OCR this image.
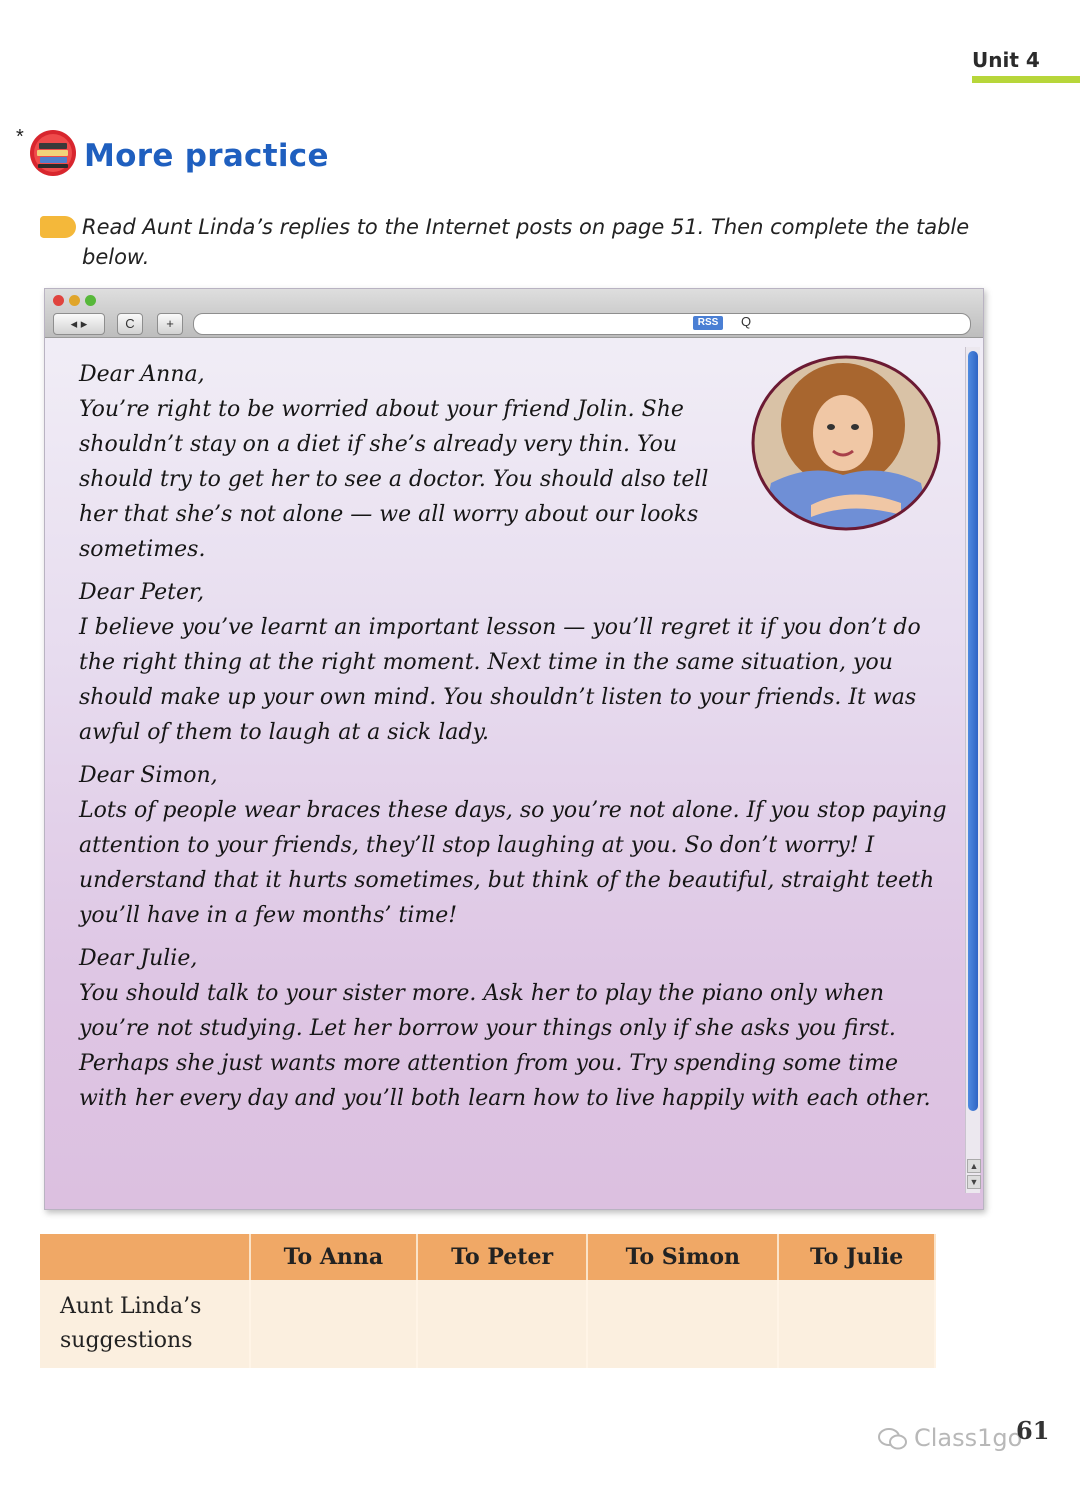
Unit 4
*
More practice
Read Aunt Linda’s replies to the Internet posts on page 51. Then complete the table below.
◂ ▸	C	+	RSS	Q
Dear Anna,

You’re right to be worried about your friend Jolin. She shouldn’t stay on a diet if she’s already very thin. You should try to get her to see a doctor. You should also tell her that she’s not alone — we all worry about our looks sometimes.

Dear Peter,

I believe you’ve learnt an important lesson — you’ll regret it if you don’t do the right thing at the right moment. Next time in the same situation, you should make up your own mind. You shouldn’t listen to your friends. It was awful of them to laugh at a sick lady.

Dear Simon,

Lots of people wear braces these days, so you’re not alone. If you stop paying attention to your friends, they’ll stop laughing at you. So don’t worry! I understand that it hurts sometimes, but think of the beautiful, straight teeth you’ll have in a few months’ time!

Dear Julie,

You should talk to your sister more. Ask her to play the piano only when you’re not studying. Let her borrow your things only if she asks you first. Perhaps she just wants more attention from you. Try spending some time with her every day and you’ll both learn how to live happily with each other.

▲
▼
	To Anna	To Peter	To Simon	To Julie
Aunt Linda’s suggestions				
Class1go
61
